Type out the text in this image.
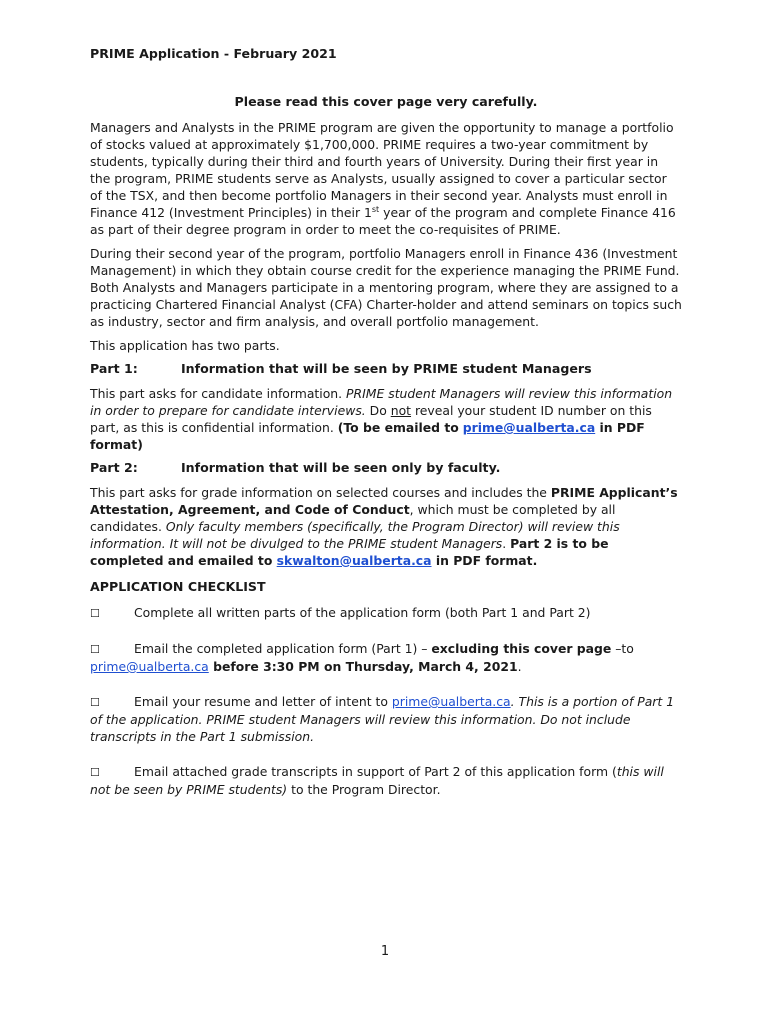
PRIME Application - February 2021

Please read this cover page very carefully.

Managers and Analysts in the PRIME program are given the opportunity to manage a portfolio of stocks valued at approximately $1,700,000. PRIME requires a two-year commitment by students, typically during their third and fourth years of University. During their first year in the program, PRIME students serve as Analysts, usually assigned to cover a particular sector of the TSX, and then become portfolio Managers in their second year. Analysts must enroll in Finance 412 (Investment Principles) in their 1st year of the program and complete Finance 416 as part of their degree program in order to meet the co-requisites of PRIME.

During their second year of the program, portfolio Managers enroll in Finance 436 (Investment Management) in which they obtain course credit for the experience managing the PRIME Fund. Both Analysts and Managers participate in a mentoring program, where they are assigned to a practicing Chartered Financial Analyst (CFA) Charter-holder and attend seminars on topics such as industry, sector and firm analysis, and overall portfolio management.

This application has two parts.

Part 1:	Information that will be seen by PRIME student Managers

This part asks for candidate information. PRIME student Managers will review this information in order to prepare for candidate interviews. Do not reveal your student ID number on this part, as this is confidential information. (To be emailed to prime@ualberta.ca in PDF format)

Part 2:	Information that will be seen only by faculty.

This part asks for grade information on selected courses and includes the PRIME Applicant’s Attestation, Agreement, and Code of Conduct, which must be completed by all candidates. Only faculty members (specifically, the Program Director) will review this information. It will not be divulged to the PRIME student Managers. Part 2 is to be completed and emailed to skwalton@ualberta.ca in PDF format.

APPLICATION CHECKLIST

☐	Complete all written parts of the application form (both Part 1 and Part 2)

☐	Email the completed application form (Part 1) – excluding this cover page –to prime@ualberta.ca before 3:30 PM on Thursday, March 4, 2021.

☐	Email your resume and letter of intent to prime@ualberta.ca. This is a portion of Part 1 of the application. PRIME student Managers will review this information. Do not include transcripts in the Part 1 submission.

☐	Email attached grade transcripts in support of Part 2 of this application form (this will not be seen by PRIME students) to the Program Director.

1
